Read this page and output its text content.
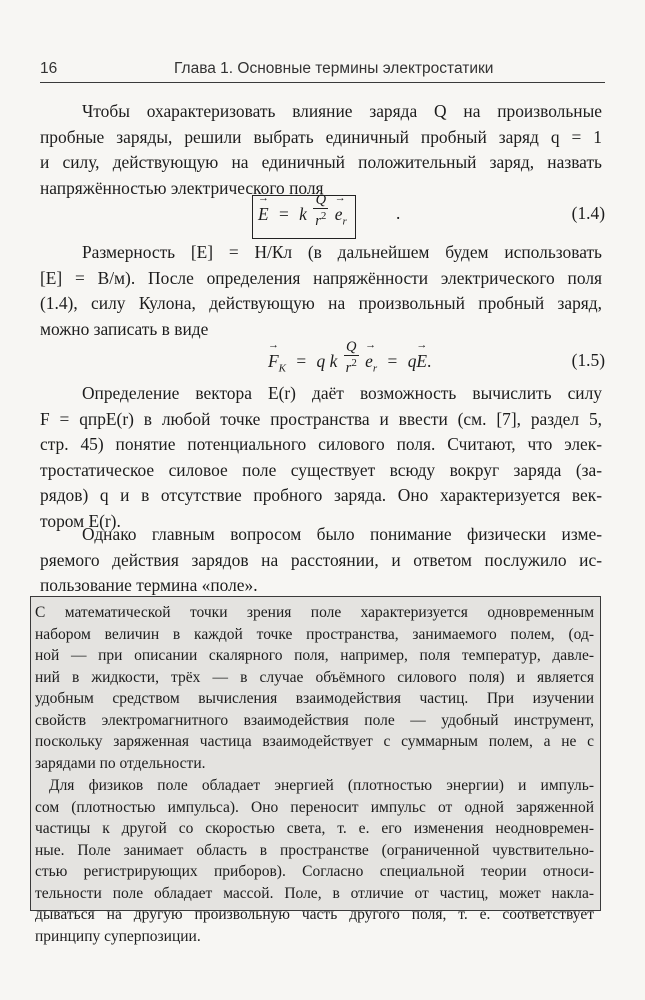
16	Глава 1. Основные термины электростатики
Чтобы охарактеризовать влияние заряда Q на произвольные
пробные заряды, решили выбрать единичный пробный заряд q = 1
и силу, действующую на единичный положительный заряд, назвать
напряжённостью электрического поля
→ E = k $\frac{Q}{r^2}$
→ $e_r$	.	(1.4)
Размерность [E] = Н/Кл (в дальнейшем будем использовать
[E] = В/м). После определения напряжённости электрического поля
(1.4), силу Кулона, действующую на произвольный пробный заряд,
можно записать в виде
→ $F_K = q$ k $\frac{Q}{r^2}$
→ $e_r = q\to E$.	(1.5)
Определение вектора E(r) даёт возможность вычислить силу
F = qпрE(r) в любой точке пространства и ввести (см. [7], раздел 5,
стр. 45) понятие потенциального силового поля. Считают, что элек-
тростатическое силовое поле существует всюду вокруг заряда (за-
рядов) q и в отсутствие пробного заряда. Оно характеризуется век-
тором E(r).
Однако главным вопросом было понимание физически изме-
ряемого действия зарядов на расстоянии, и ответом послужило ис-
пользование термина «поле».
С математической точки зрения поле характеризуется одновременным
набором величин в каждой точке пространства, занимаемого полем, (од-
ной — при описании скалярного поля, например, поля температур, давле-
ний в жидкости, трёх — в случае объёмного силового поля) и является
удобным средством вычисления взаимодействия частиц. При изучении
свойств электромагнитного взаимодействия поле — удобный инструмент,
поскольку заряженная частица взаимодействует с суммарным полем, а не с
зарядами по отдельности.
Для физиков поле обладает энергией (плотностью энергии) и импуль-
сом (плотностью импульса). Оно переносит импульс от одной заряженной
частицы к другой со скоростью света, т. е. его изменения неодновремен-
ные. Поле занимает область в пространстве (ограниченной чувствительно-
стью регистрирующих приборов). Согласно специальной теории относи-
тельности поле обладает массой. Поле, в отличие от частиц, может накла-
дываться на другую произвольную часть другого поля, т. е. соответствует
принципу суперпозиции.
